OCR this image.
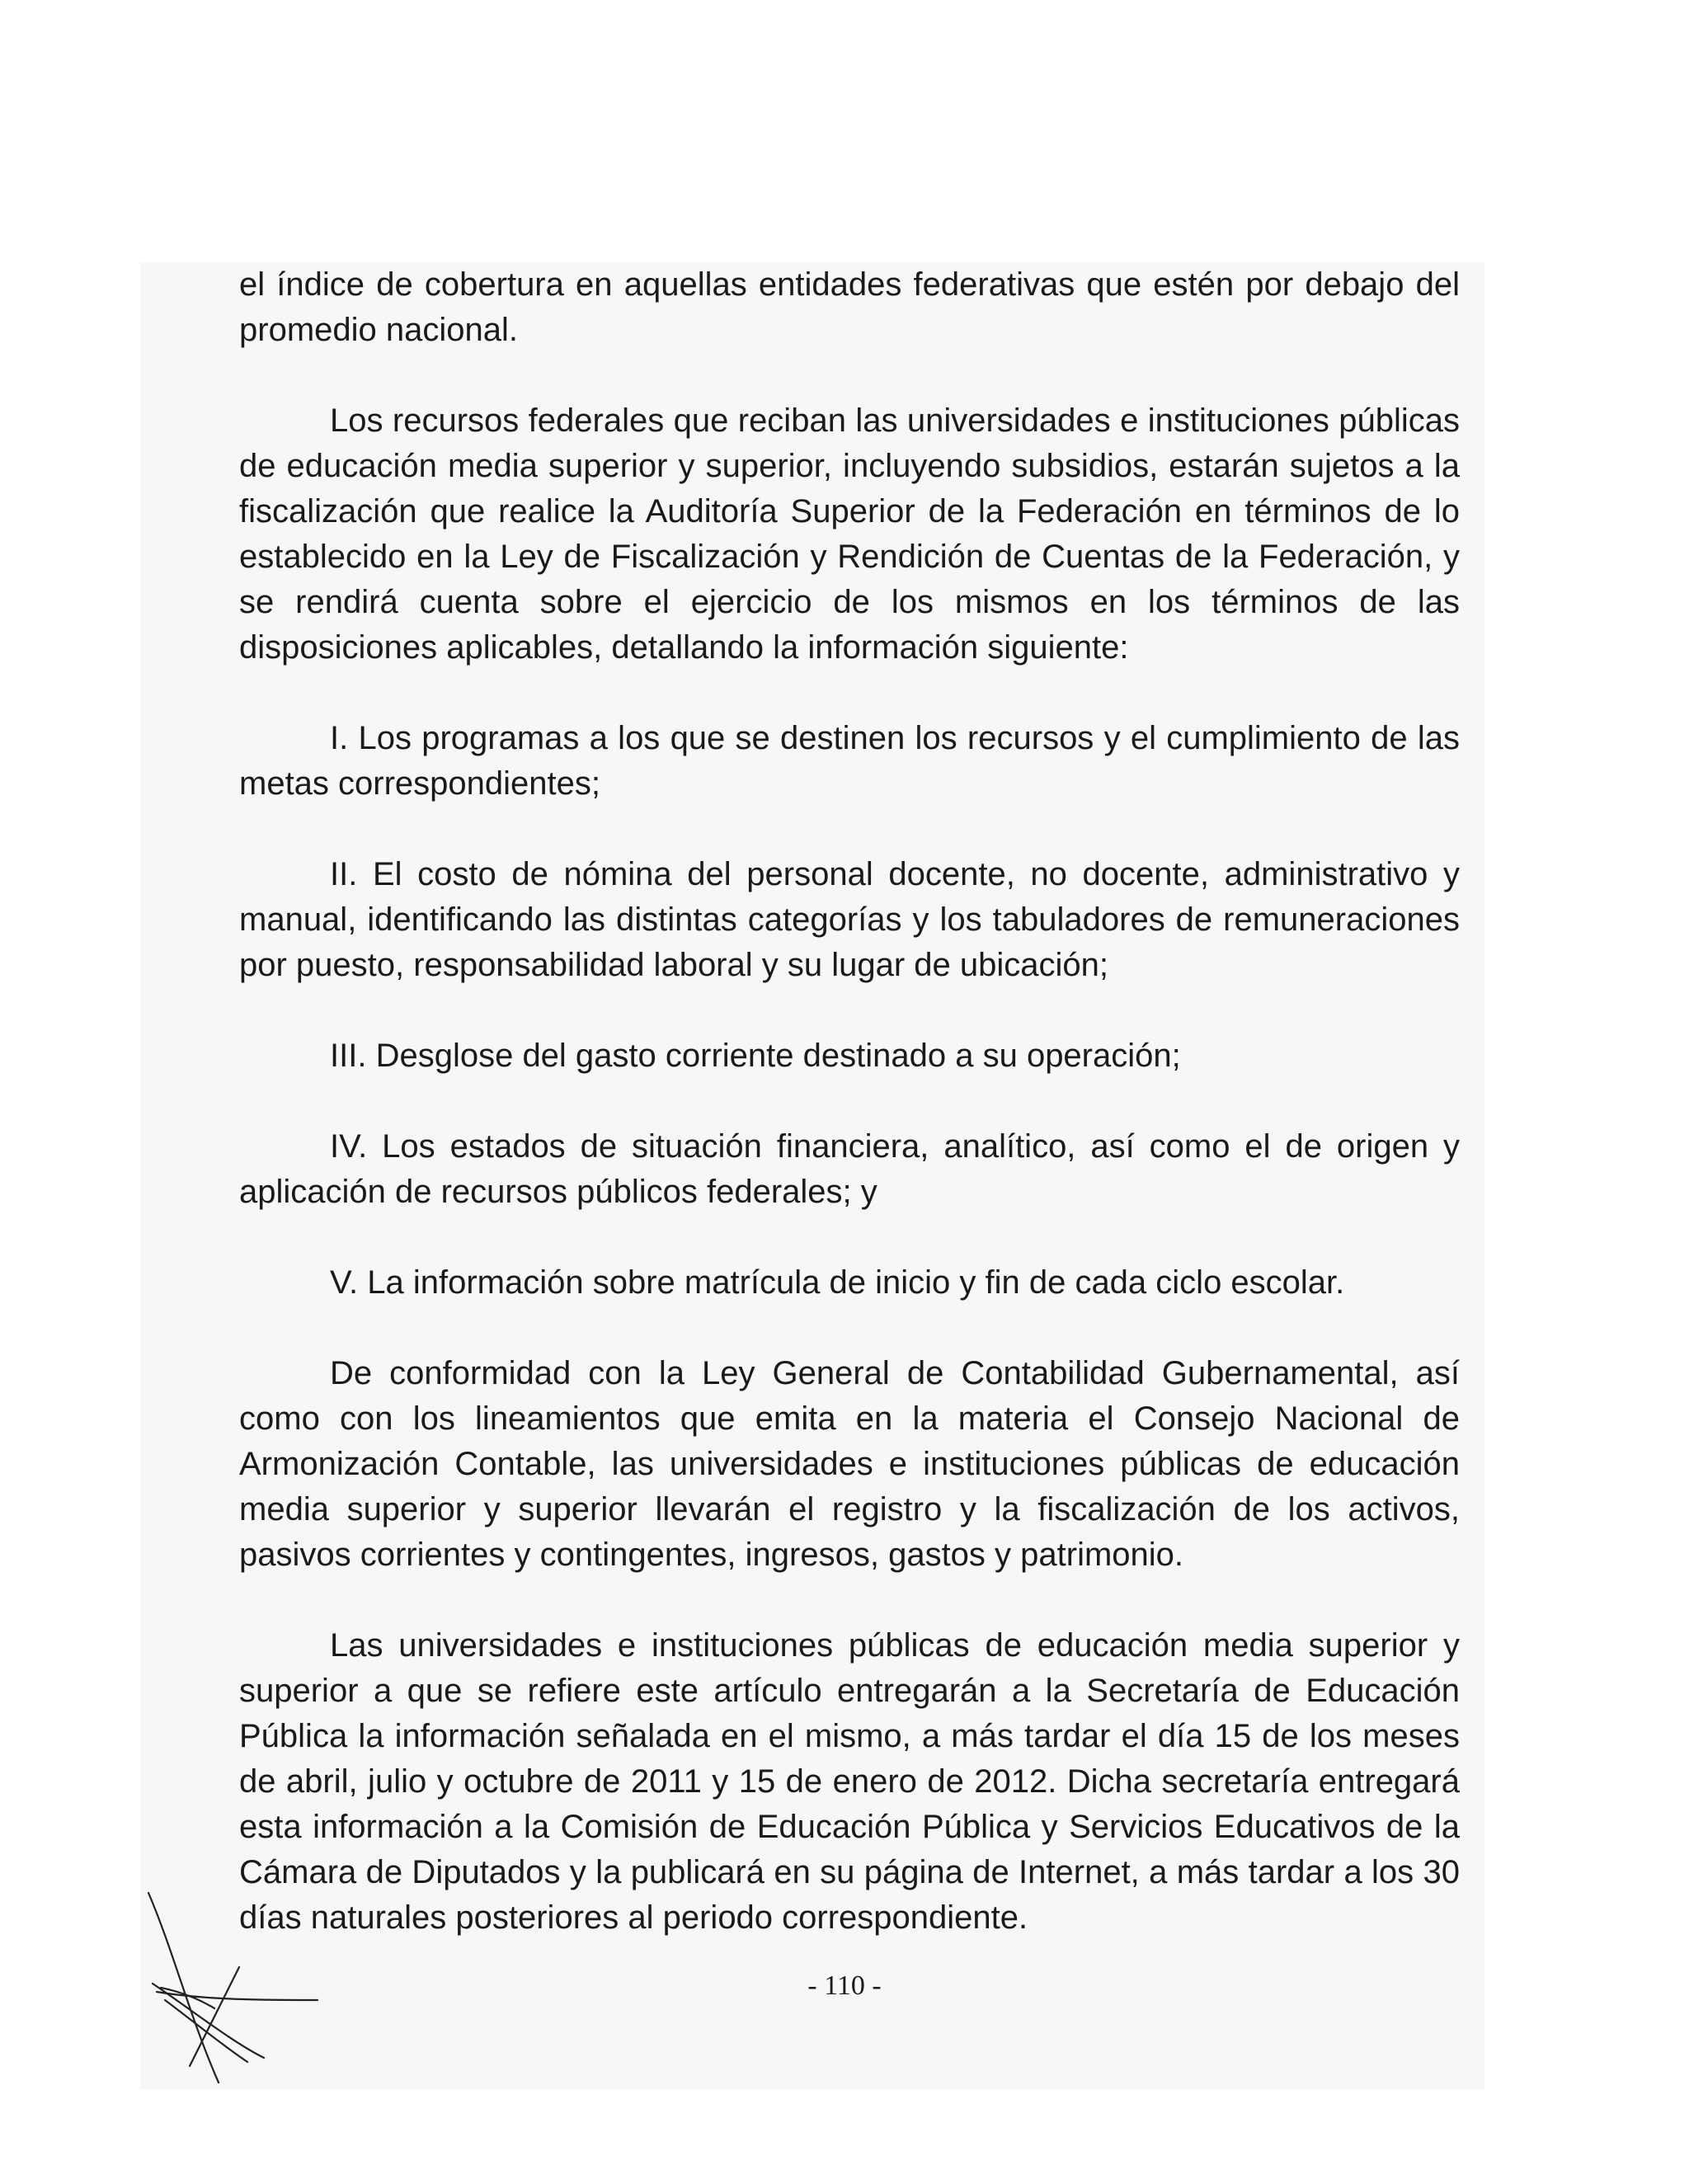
el índice de cobertura en aquellas entidades federativas que estén por debajo del promedio nacional.

Los recursos federales que reciban las universidades e instituciones públicas de educación media superior y superior, incluyendo subsidios, estarán sujetos a la fiscalización que realice la Auditoría Superior de la Federación en términos de lo establecido en la Ley de Fiscalización y Rendición de Cuentas de la Federación, y se rendirá cuenta sobre el ejercicio de los mismos en los términos de las disposiciones aplicables, detallando la información siguiente:

I. Los programas a los que se destinen los recursos y el cumplimiento de las metas correspondientes;

II. El costo de nómina del personal docente, no docente, administrativo y manual, identificando las distintas categorías y los tabuladores de remuneraciones por puesto, responsabilidad laboral y su lugar de ubicación;

III. Desglose del gasto corriente destinado a su operación;

IV. Los estados de situación financiera, analítico, así como el de origen y aplicación de recursos públicos federales; y

V. La información sobre matrícula de inicio y fin de cada ciclo escolar.

De conformidad con la Ley General de Contabilidad Gubernamental, así como con los lineamientos que emita en la materia el Consejo Nacional de Armonización Contable, las universidades e instituciones públicas de educación media superior y superior llevarán el registro y la fiscalización de los activos, pasivos corrientes y contingentes, ingresos, gastos y patrimonio.

Las universidades e instituciones públicas de educación media superior y superior a que se refiere este artículo entregarán a la Secretaría de Educación Pública la información señalada en el mismo, a más tardar el día 15 de los meses de abril, julio y octubre de 2011 y 15 de enero de 2012. Dicha secretaría entregará esta información a la Comisión de Educación Pública y Servicios Educativos de la Cámara de Diputados y la publicará en su página de Internet, a más tardar a los 30 días naturales posteriores al periodo correspondiente.

- 110 -
